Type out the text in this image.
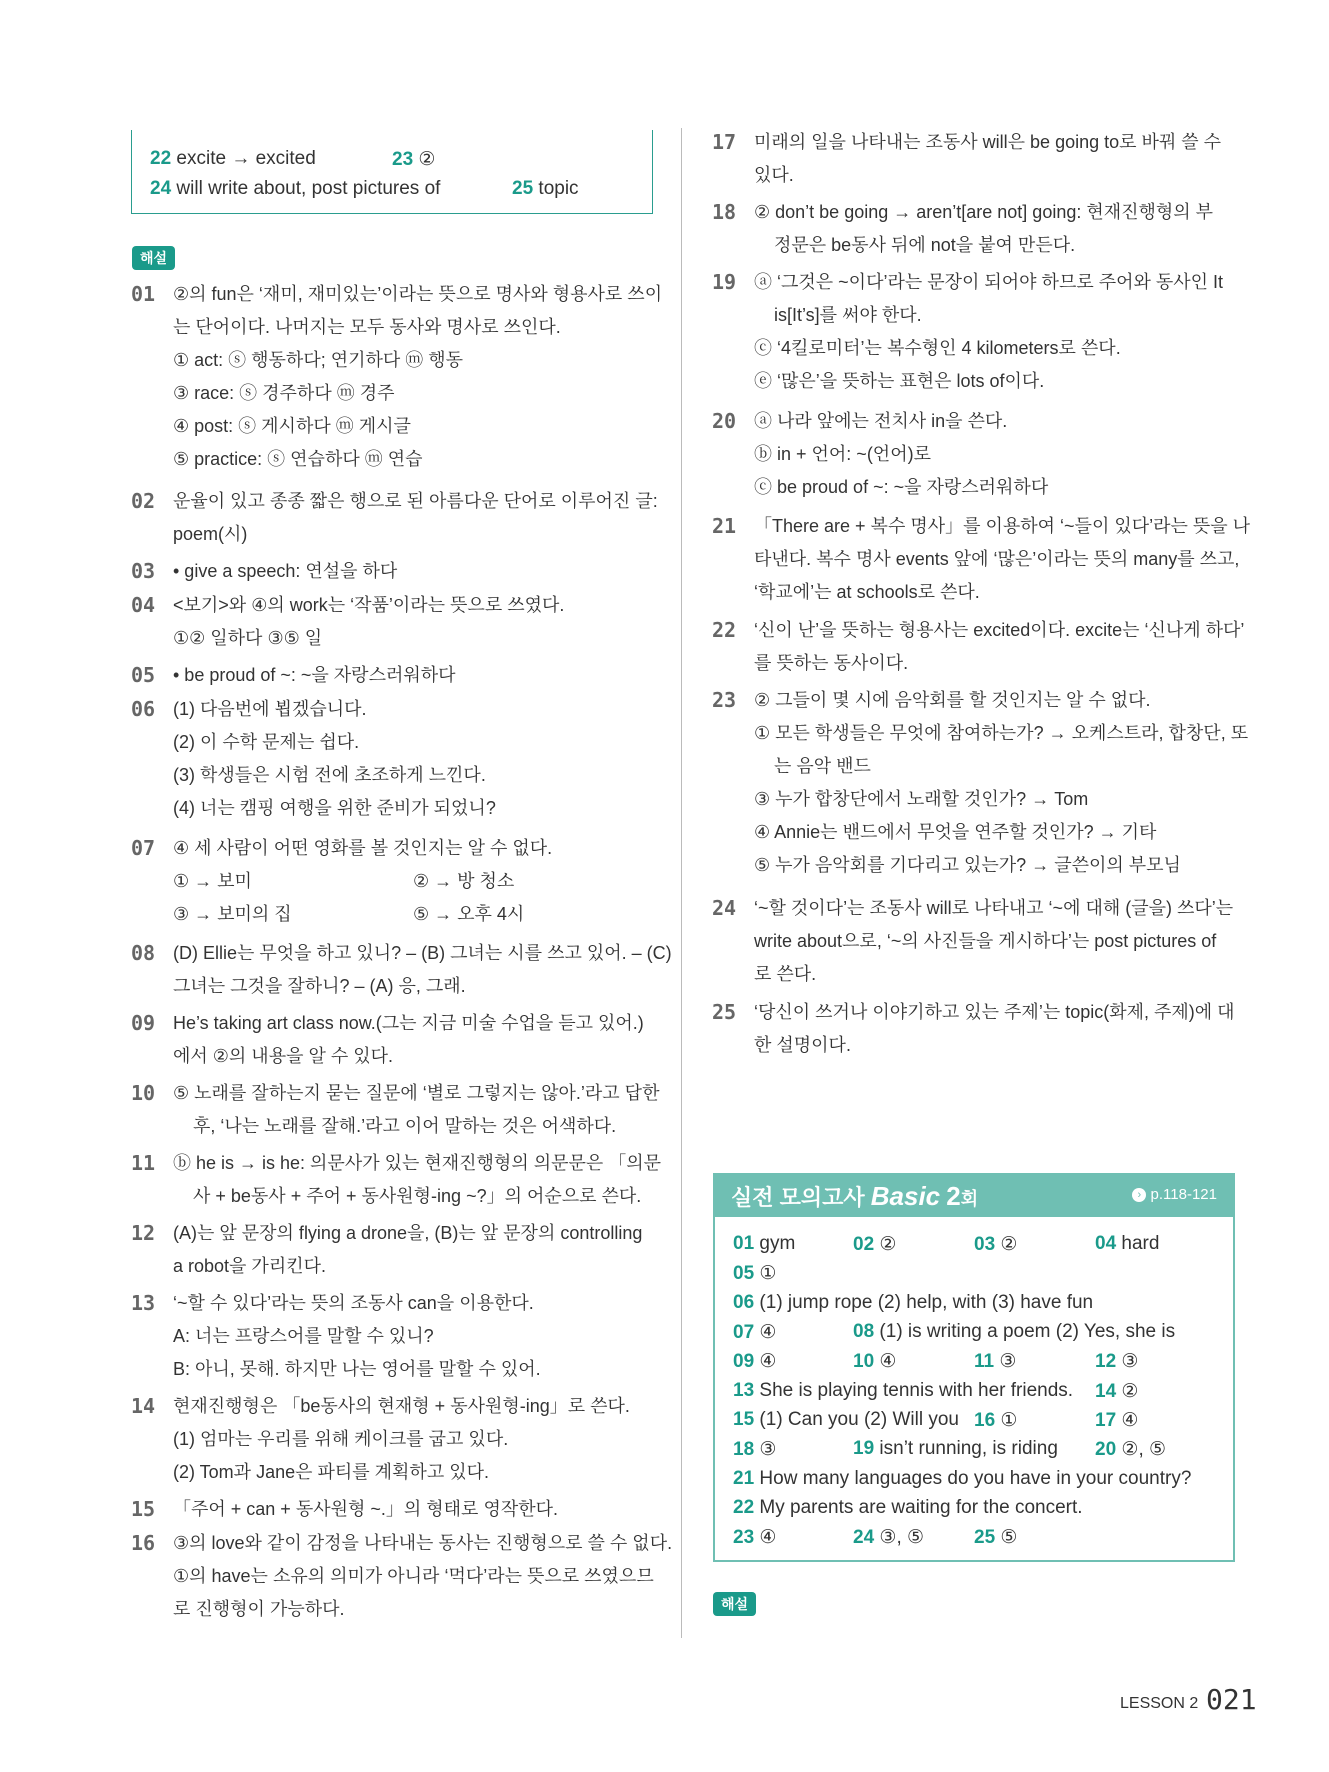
22 excite → excited	23 ②
24 will write about, post pictures of	25 topic
해설
01 ②의 fun은 ‘재미, 재미있는’이라는 뜻으로 명사와 형용사로 쓰이
는 단어이다. 나머지는 모두 동사와 명사로 쓰인다.
① act: ⓢ 행동하다; 연기하다 ⓜ 행동
③ race: ⓢ 경주하다 ⓜ 경주
④ post: ⓢ 게시하다 ⓜ 게시글
⑤ practice: ⓢ 연습하다 ⓜ 연습
02 운율이 있고 종종 짧은 행으로 된 아름다운 단어로 이루어진 글:
poem(시)
03 • give a speech: 연설을 하다
04 <보기>와 ④의 work는 ‘작품’이라는 뜻으로 쓰였다.
①② 일하다 ③⑤ 일
05 • be proud of ~: ~을 자랑스러워하다
06 (1) 다음번에 뵙겠습니다.
(2) 이 수학 문제는 쉽다.
(3) 학생들은 시험 전에 초조하게 느낀다.
(4) 너는 캠핑 여행을 위한 준비가 되었니?
07 ④ 세 사람이 어떤 영화를 볼 것인지는 알 수 없다.
① → 보미	② → 방 청소
③ → 보미의 집	⑤ → 오후 4시
08 (D) Ellie는 무엇을 하고 있니? – (B) 그녀는 시를 쓰고 있어. – (C)
그녀는 그것을 잘하니? – (A) 응, 그래.
09 He’s taking art class now.(그는 지금 미술 수업을 듣고 있어.)
에서 ②의 내용을 알 수 있다.
10 ⑤ 노래를 잘하는지 묻는 질문에 ‘별로 그렇지는 않아.’라고 답한
후, ‘나는 노래를 잘해.’라고 이어 말하는 것은 어색하다.
11 ⓑ he is → is he: 의문사가 있는 현재진행형의 의문문은 「의문
사 + be동사 + 주어 + 동사원형-ing ~?」의 어순으로 쓴다.
12 (A)는 앞 문장의 flying a drone을, (B)는 앞 문장의 controlling
a robot을 가리킨다.
13 ‘~할 수 있다’라는 뜻의 조동사 can을 이용한다.
A: 너는 프랑스어를 말할 수 있니?
B: 아니, 못해. 하지만 나는 영어를 말할 수 있어.
14 현재진행형은 「be동사의 현재형 + 동사원형-ing」로 쓴다.
(1) 엄마는 우리를 위해 케이크를 굽고 있다.
(2) Tom과 Jane은 파티를 계획하고 있다.
15 「주어 + can + 동사원형 ~.」의 형태로 영작한다.
16 ③의 love와 같이 감정을 나타내는 동사는 진행형으로 쓸 수 없다.
①의 have는 소유의 의미가 아니라 ‘먹다’라는 뜻으로 쓰였으므
로 진행형이 가능하다.
17 미래의 일을 나타내는 조동사 will은 be going to로 바꿔 쓸 수
있다.
18 ② don’t be going → aren’t[are not] going: 현재진행형의 부
정문은 be동사 뒤에 not을 붙여 만든다.
19 ⓐ ‘그것은 ~이다’라는 문장이 되어야 하므로 주어와 동사인 It
is[It’s]를 써야 한다.
ⓒ ‘4킬로미터’는 복수형인 4 kilometers로 쓴다.
ⓔ ‘많은’을 뜻하는 표현은 lots of이다.
20 ⓐ 나라 앞에는 전치사 in을 쓴다.
ⓑ in + 언어: ~(언어)로
ⓒ be proud of ~: ~을 자랑스러워하다
21 「There are + 복수 명사」를 이용하여 ‘~들이 있다’라는 뜻을 나
타낸다. 복수 명사 events 앞에 ‘많은’이라는 뜻의 many를 쓰고,
‘학교에’는 at schools로 쓴다.
22 ‘신이 난’을 뜻하는 형용사는 excited이다. excite는 ‘신나게 하다’
를 뜻하는 동사이다.
23 ② 그들이 몇 시에 음악회를 할 것인지는 알 수 없다.
① 모든 학생들은 무엇에 참여하는가? → 오케스트라, 합창단, 또
는 음악 밴드
③ 누가 합창단에서 노래할 것인가? → Tom
④ Annie는 밴드에서 무엇을 연주할 것인가? → 기타
⑤ 누가 음악회를 기다리고 있는가? → 글쓴이의 부모님
24 ‘~할 것이다’는 조동사 will로 나타내고 ‘~에 대해 (글을) 쓰다’는
write about으로, ‘~의 사진들을 게시하다’는 post pictures of
로 쓴다.
25 ‘당신이 쓰거나 이야기하고 있는 주제’는 topic(화제, 주제)에 대
한 설명이다.
실전 모의고사 Basic 2회	› p.118-121
01 gym	02 ②	03 ②	04 hard
05 ①
06 (1) jump rope (2) help, with (3) have fun
07 ④	08 (1) is writing a poem (2) Yes, she is
09 ④	10 ④	11 ③	12 ③
13 She is playing tennis with her friends. 14 ②
15 (1) Can you (2) Will you 16 ①	17 ④
18 ③	19 isn’t running, is riding 20 ②, ⑤
21 How many languages do you have in your country?
22 My parents are waiting for the concert.
23 ④	24 ③, ⑤	25 ⑤
해설
LESSON 2 021
